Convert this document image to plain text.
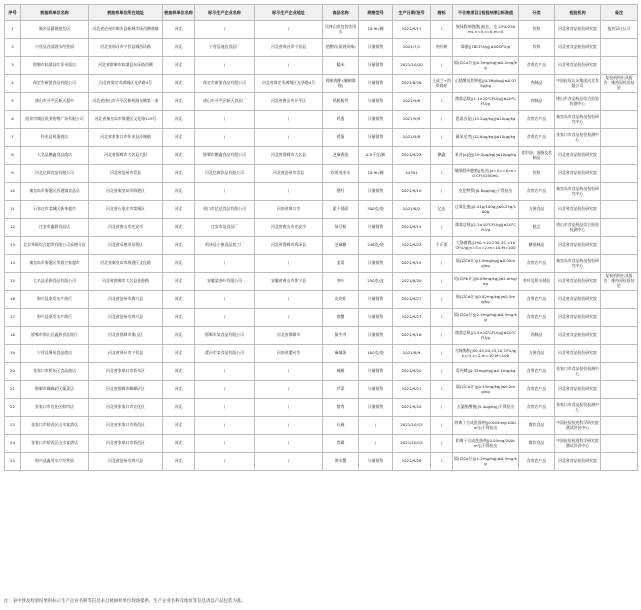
序号	被抽样单位名称	被抽样单位所在地址	被抽样单位名称	标示生产企业名称	标示生产企业地址	食品名称	规格型号	生产日期/批号	商标	不合格项目||检验结果||标准值	分类	检验机构	备注
1	顺乡县圆钢批发店	河北省沧州市顺乡县新城市场西侧商铺	河北	/	/	民林山泉包装饮用水	18.9L/桶	2021/9/17	/	铜绿假单胞菌||检出，在 CFU/250mL n=5,c=0,m=0	饮料	河北省食品检验研究院	报告异议认可
2	宁晋县西部酒水经营部	河北省邢台市宁晋县城西环路	河北	宁晋县迪达食品厂	河北省邢台市宁晋县	老酸奶(炭烧风味)	计量销售	2021/7/1	麦旺树	霉菌||78CFU/g||≤50CFU/g	饮料	河北省食品检验研究院	
3	邯郸市临漳县红军米面店	河北省邯郸市临漳县东环路西侧	河北	/	/	糯米	计量销售	2021/10/20	/	镉(以Cd计)||0.3mg/kg||≤0.2mg/kg	食用农产品	河北省食品检验研究院	
4	保定市新凯食品有限公司	河北省保定市满城区光华路4号	河北	保定市新凯食品有限公司	河北省保定市满城区光华路4号	鸡腿鸡柳 (腌制调理)	计量销售	2021/8/28	王成兰+图形商标	山梨酸及其钾盐||0.38g/kg||≤0.075g/kg	肉制品	中国检验认证集团河北有限公司	复检机构出具报告：维持原检验结论
5	唐山市开平区新天超市	河北省唐山市开平区新苑路东侧第一家	河北	唐山市开平区新天食品厂	河北省唐山市开平区	鸡腿酱骨	计量销售	2021/9/8	/	菌落总数||1.1×10⁵CFU/g||≤10⁴CFU/g	肉制品	唐山市食品药品综合检验检测中心	
6	阳泉市城区欧亚购物广场有限公司	河北省秦皇岛市海港区文化路119号	河北	/	/	鸡蛋	计量销售	2021/9/9	/	恩诺沙星||15.2μg/kg||≤10μg/kg	食用农产品	秦皇岛市食品药品检验研究中心	
7	怀来县鸡蛋商店	河北省张家口市怀来县沙城镇	河北	/	/	鸡蛋	计量销售	2021/9/8	/	氟苯尼考||12.6μg/kg||≤10μg/kg	食用农产品	张家口市食品检验检测中心	
8	大名县鹏鑫食品商店	河北省邯郸市大名县大街	河北	邯郸市鹏鑫食品有限公司	河北省邯郸市大名县	芝麻香油	2.5千克/桶	2021/9/23	鹏鑫	苯并[a]芘||19.3μg/kg||≤10μg/kg	食用油、油脂及其制品	河北省食品检验研究院	
9	河北亿辉饮品有限公司	河北省沧州市青县	河北	河北亿辉饮品有限公司	河北省沧州市青县	饮用纯净水	18.9L/桶	44391	/	铜绿假单胞菌||检出||n=5,c=0,m=0 CFU/250mL	饮料	河北省食品检验研究院	
10	秦皇岛市海港区西港镇食品店	河北省秦皇岛市海港区	河北	/	/	猪肝	计量销售	2021/9/10	/	克伦特罗||0.8μg/kg||不得检出	食用农产品	秦皇岛市食品药品检验研究中心	
11	石家庄市栾城区新华超市	河北省石家庄市栾城区	河北	周口市亿达食品有限公司	河南省周口市	素干锅面	300克/袋	2021/6/2	亿达	过氧化值||0.41g/100g||≤0.25g/100g	方便食品	河北省食品检验研究院	
12	迁安市鑫源食品店	河北省唐山市迁安市	河北	迁安市某食品厂	河北省唐山市迁安市	绿豆糕	计量销售	2021/9/15	/	菌落总数||2.3×10⁵CFU/g||≤10⁵CFU/g	糕点	唐山市食品药品综合检验检测中心	
13	北京华联综合超市有限公司承德分店	河北省承德市双桥区	河北	鸡泽县小康食品加工厂	河北省邯郸市鸡泽县	芝麻糖	248克/袋	2021/9/23	千斤顶	大肠菌群||190,<10,230,35,<10 CFU/g||n=5,c=2,m=10,M=100	糖果制品	河北省食品检验研究院	
14	秦皇岛市海港区华润万家超市	河北省秦皇岛市海港区文化路	河北	/	/	韭菜	计量销售	2021/9/15	/	镉(以Cd计)||1.9mg/kg||≤0.05mg/kg	食用农产品	秦皇岛市食品药品检验研究中心	
15	大名县金源食品有限公司	河北省邯郸市大名县金源路	河北	安徽某茶叶有限公司	安徽省黄山市休宁县	茶叶	250克/盒	2021/8/20	/	铅(以Pb计)||6.09mg/kg||≤5.0mg/kg	茶叶及相关制品	河北省食品检验研究院	复检机构出具报告：维持原检验结论
16	海兴县泰发水产商行	河北省沧州市海兴县	河北	/	/	皮皮虾	计量销售	2021/9/27	/	镉(以Cd计)||0.82mg/kg||≤0.5mg/kg	食用农产品	河北省食品检验研究院	
17	海兴县泰发水产商行	河北省沧州市海兴县	河北	/	/	海蟹	计量销售	2021/9/27	/	镉(以Cd计)||2.4mg/kg||≤0.5mg/kg	食用农产品	河北省食品检验研究院	
18	邯郸市邯山区鑫源食品商行	河北省邯郸市邯山区	河北	邯郸市某食品有限公司	河北省邯郸市	酱牛肉	计量销售	2021/9/16	/	菌落总数||3.5×10⁵CFU/g||≤10⁵CFU/g	肉制品	河北省食品检验研究院	
19	宁晋县聚英食品商店	河北省邢台市宁晋县	河北	漯河市某食品有限公司	河南省漯河市	麻辣条	100克/袋	2021/8/9	/	大肠菌群||50,45,20,25,10 CFU/g||n=5,c=2,m=10,M=100	方便食品	河北省食品检验研究院	
20	张家口市桥东区食品商店	河北省张家口市桥东区	河北	/	/	辣椒	计量销售	2021/9/20	/	毒死蜱||0.35mg/kg||≤0.1mg/kg	食用农产品	张家口市食品检验检测中心	
21	邯郸市峰峰矿区蔬菜店	河北省邯郸市峰峰矿区	河北	/	/	芹菜	计量销售	2021/9/21	/	镉(以Cd计)||0.33mg/kg||≤0.2mg/kg	食用农产品	河北省食品检验研究院	
22	张家口市宣化区鲜肉店	河北省张家口市宣化区	河北	/	/	猪肉	计量销售	2021/9/20	/	五氯酚酸钠||5.4μg/kg||不得检出	食用农产品	张家口市食品检验检测中心	
23	张家口市桥西区山水宴酒店	河北省张家口市桥西区	河北	/	/	长碗	/	2021/10/15	/	阴离子合成洗涤剂||0.045mg/100cm²||不得检出	餐饮食品	中国检验检疫科学研究院测试评价中心	
24	张家口市桥西区山水宴酒店	河北省张家口市桥西区	河北	/	/	骨碟	/	2021/10/15	/	阴离子合成洗涤剂||0.05mg/100cm²||不得检出	餐饮食品	中国检验检疫科学研究院测试评价中心	
25	海兴县鑫发水产经营部	河北省沧州市海兴县	河北	/	/	海水蟹	计量销售	2021/9/28	/	镉(以Cd计)||1.2mg/kg||≤0.5mg/kg	食用农产品	河北省食品检验研究院	
注：表中涉及检验结果的标示生产企业名称等信息来自被抽样单位现场提供，生产企业名称及地址等信息请以产品包装为准。
